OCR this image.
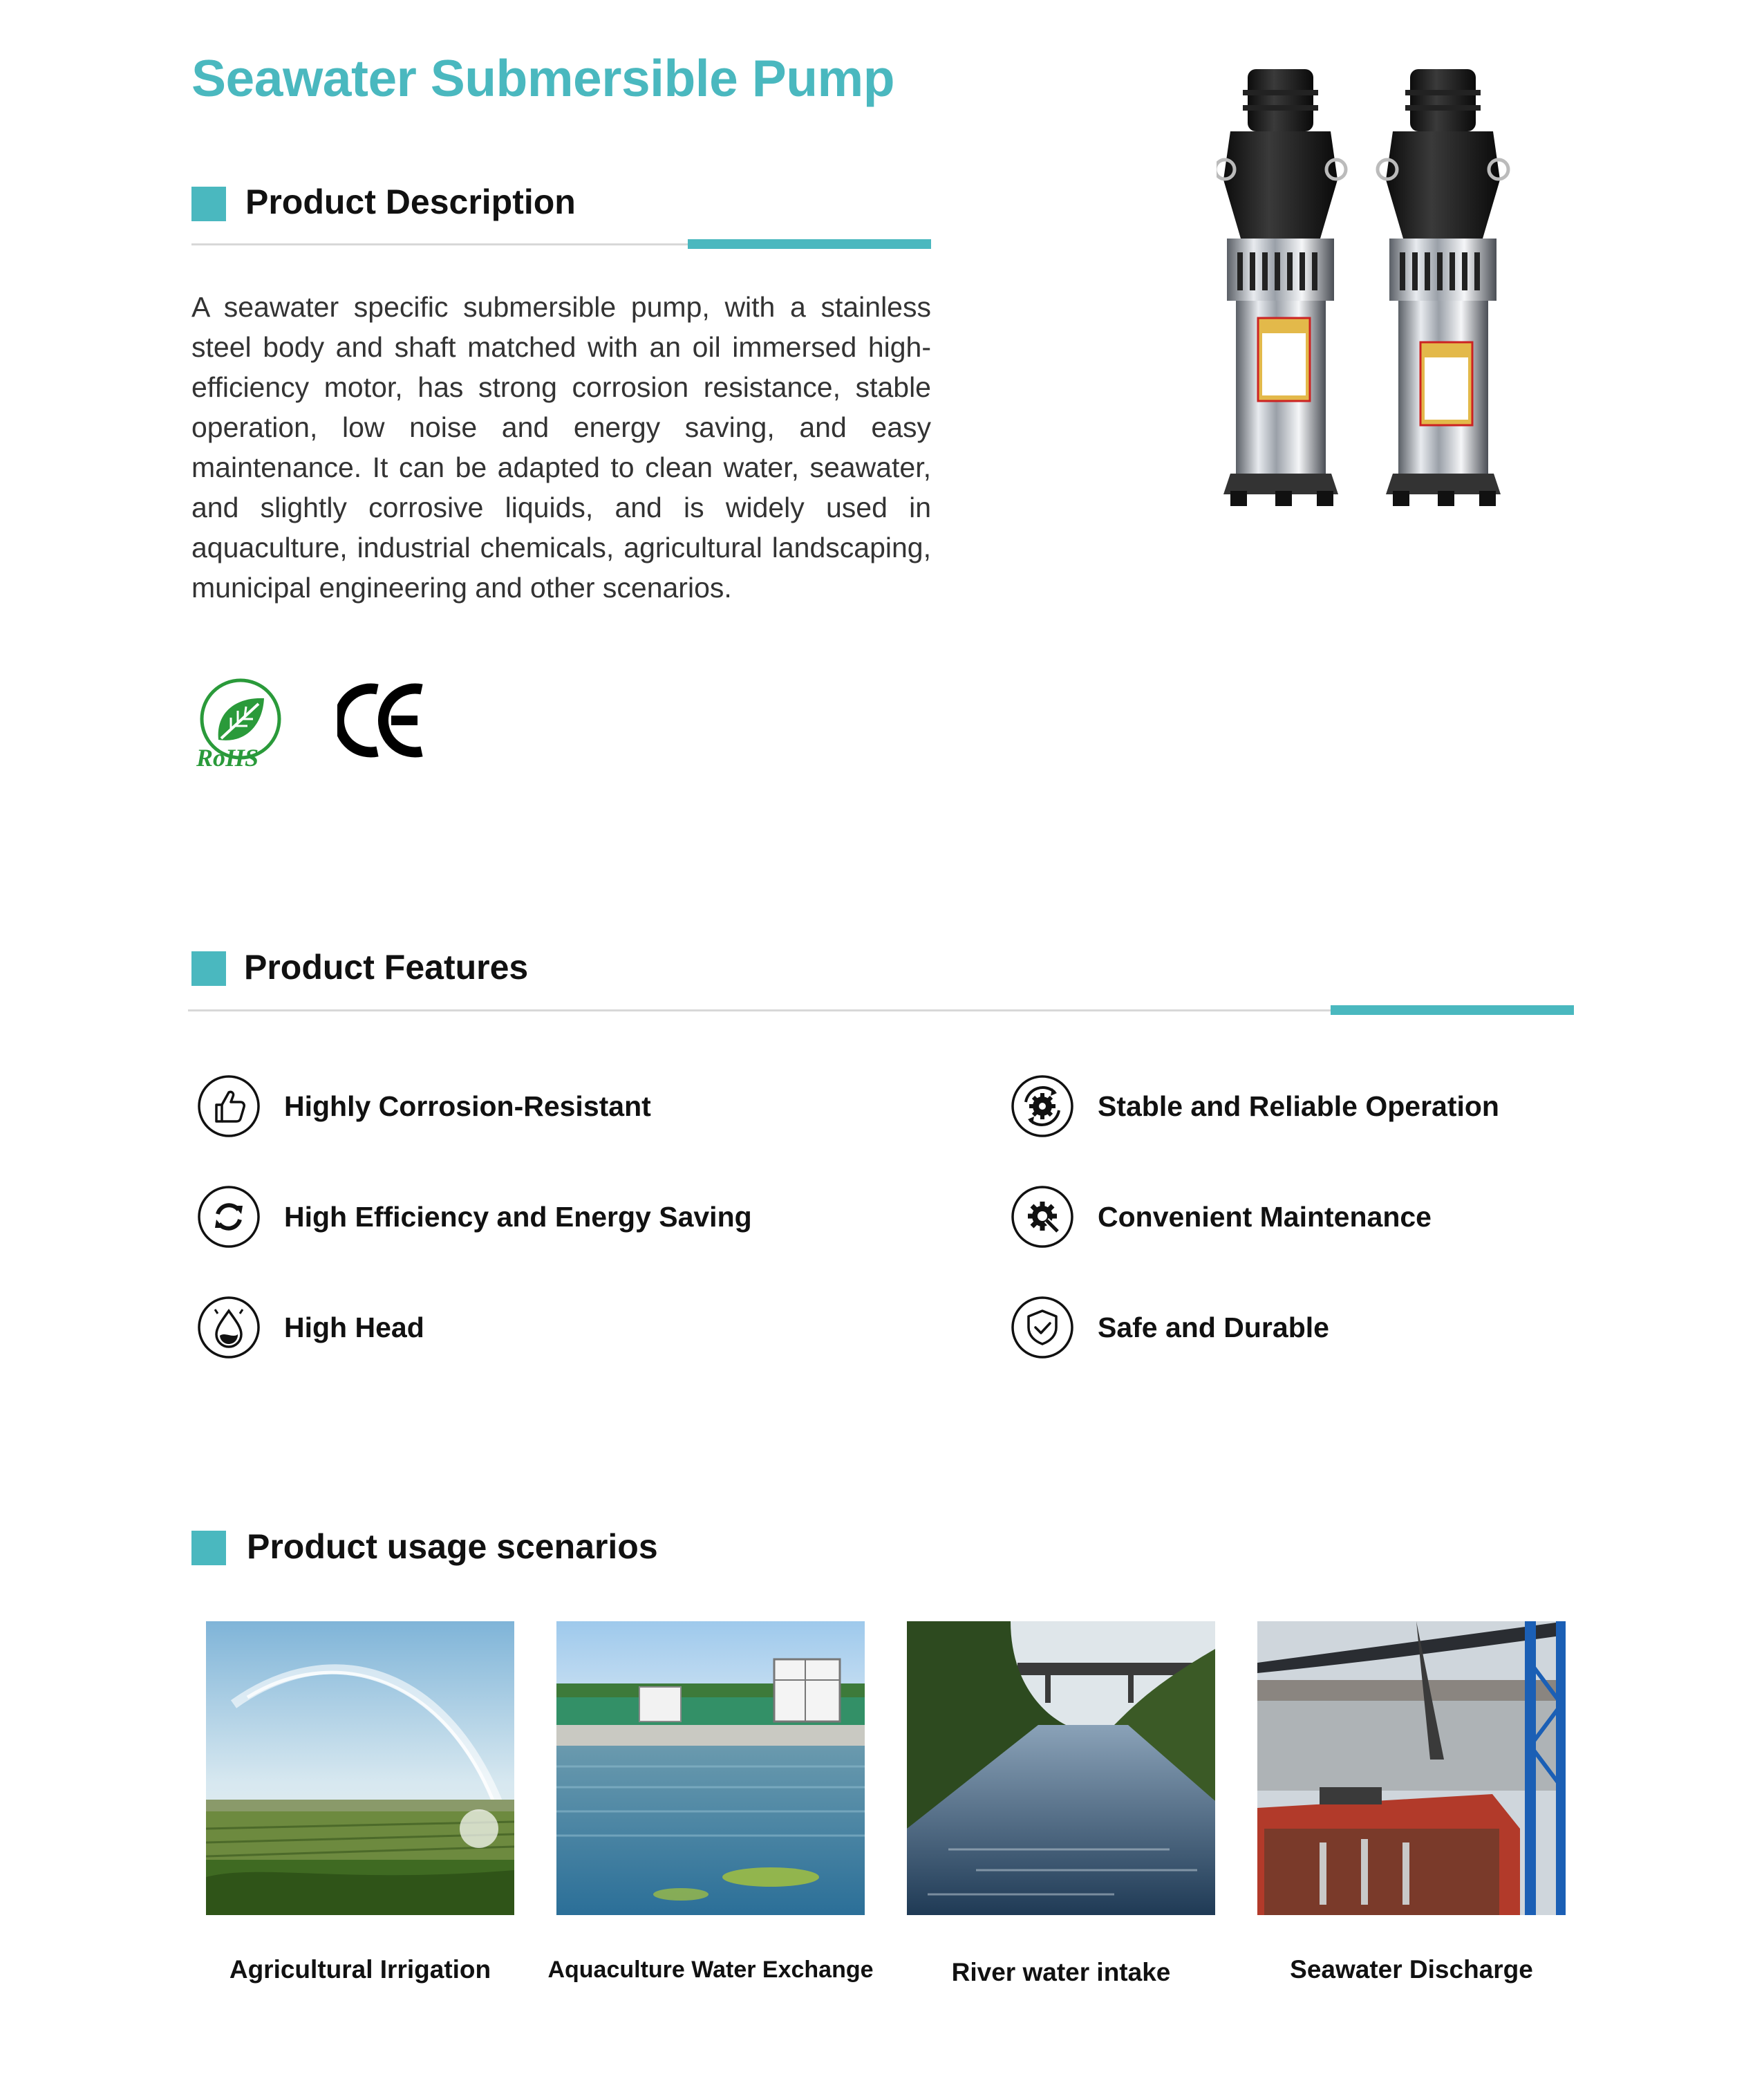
Seawater Submersible Pump
Product Description
A seawater specific submersible pump, with a stainless steel body and shaft matched with an oil immersed high-efficiency motor, has strong corrosion resistance, stable operation, low noise and energy saving, and easy maintenance. It can be adapted to clean water, seawater, and slightly corrosive liquids, and is widely used in aquaculture, industrial chemicals, agricultural landscaping, municipal engineering and other scenarios.
RoHS
Product Features
Highly Corrosion-Resistant	Stable and Reliable Operation
High Efficiency and Energy Saving	Convenient Maintenance
High Head	Safe and Durable
Product usage scenarios
Agricultural Irrigation	Aquaculture Water Exchange	River water intake	Seawater Discharge
